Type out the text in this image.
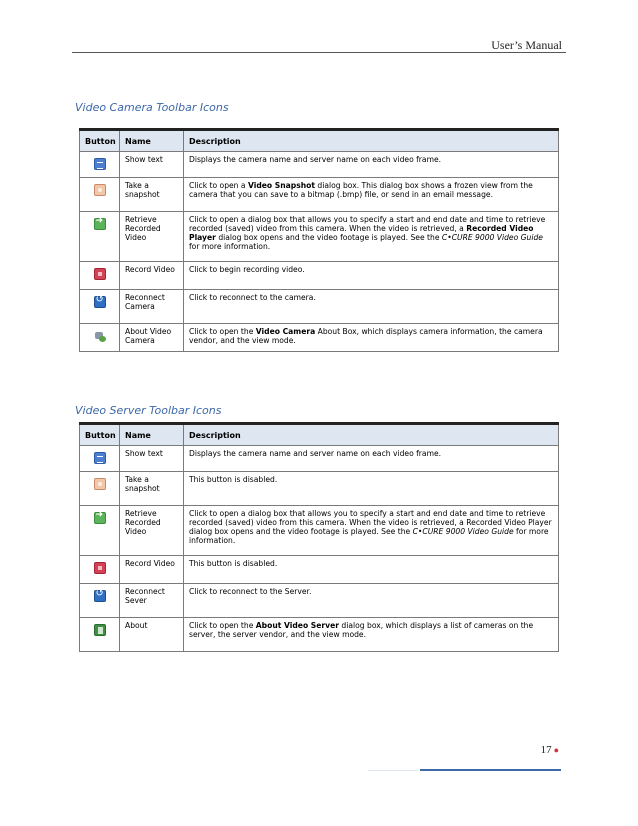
User’s Manual
Video Camera Toolbar Icons
Button	Name	Description
	Show text	Displays the camera name and server name on each video frame.
	Take a snapshot	Click to open a Video Snapshot dialog box. This dialog box shows a frozen view from the camera that you can save to a bitmap (.bmp) file, or send in an email message.
➜	Retrieve Recorded Video	Click to open a dialog box that allows you to specify a start and end date and time to retrieve recorded (saved) video from this camera. When the video is retrieved, a Recorded Video Player dialog box opens and the video footage is played. See the C•CURE 9000 Video Guide for more information.
	Record Video	Click to begin recording video.
↺	Reconnect Camera	Click to reconnect to the camera.
	About Video Camera	Click to open the Video Camera About Box, which displays camera information, the camera vendor, and the view mode.
Video Server Toolbar Icons
Button	Name	Description
	Show text	Displays the camera name and server name on each video frame.
	Take a snapshot	This button is disabled.
➜	Retrieve Recorded Video	Click to open a dialog box that allows you to specify a start and end date and time to retrieve recorded (saved) video from this camera. When the video is retrieved, a Recorded Video Player dialog box opens and the video footage is played. See the C•CURE 9000 Video Guide for more information.
	Record Video	This button is disabled.
↺	Reconnect Sever	Click to reconnect to the Server.
	About	Click to open the About Video Server dialog box, which displays a list of cameras on the server, the server vendor, and the view mode.
17 ●
